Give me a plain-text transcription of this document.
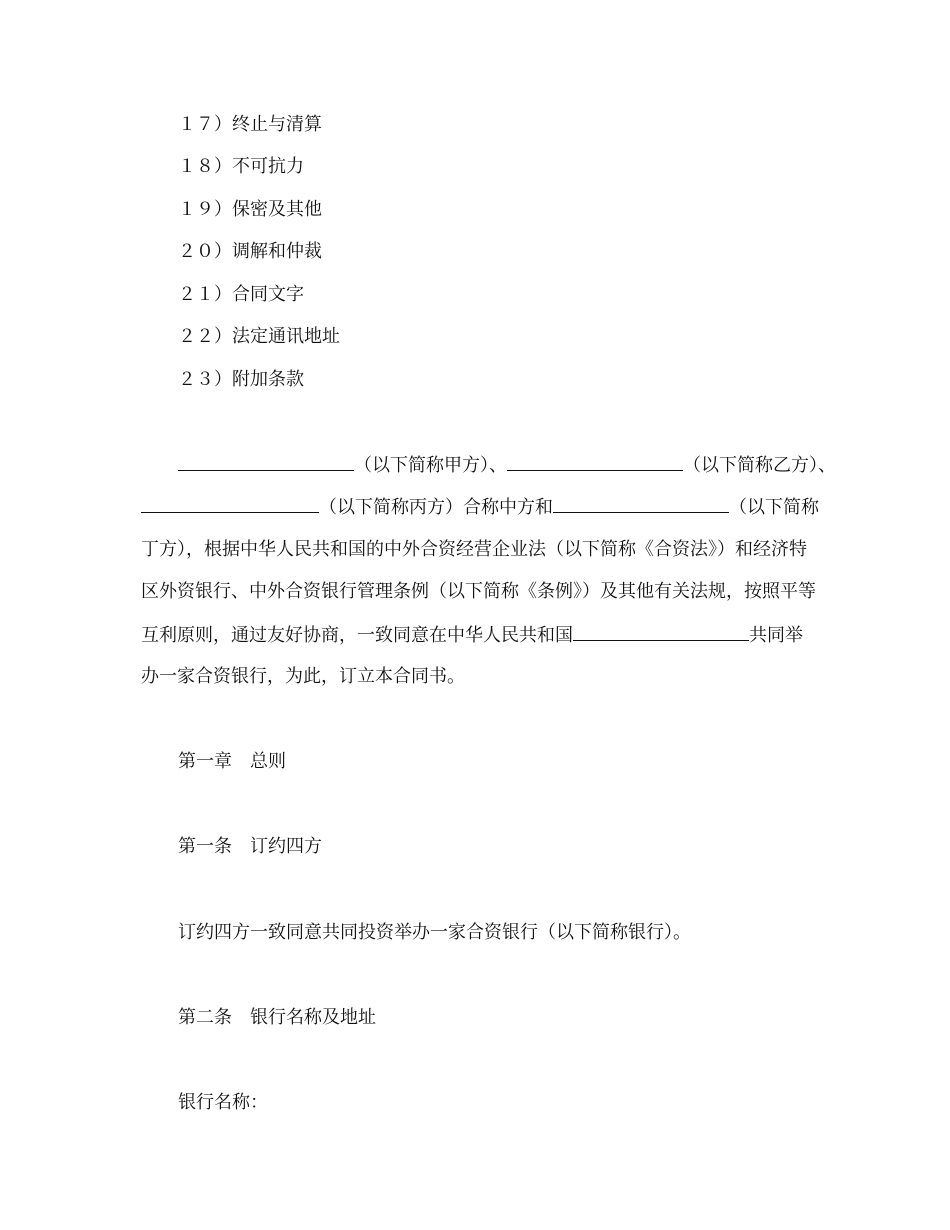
１７）终止与清算

１８）不可抗力

１９）保密及其他

２０）调解和仲裁

２１）合同文字

２２）法定通讯地址

２３）附加条款

（以下简称甲方）、	（以下简称乙方）、

（以下简称丙方）合称中方和	（以下简称

丁方），根据中华人民共和国的中外合资经营企业法（以下简称《合资法》）和经济特

区外资银行、中外合资银行管理条例（以下简称《条例》）及其他有关法规，按照平等

互利原则，通过友好协商，一致同意在中华人民共和国	共同举

办一家合资银行，为此，订立本合同书。

第一章　总则

第一条　订约四方

订约四方一致同意共同投资举办一家合资银行（以下简称银行）。

第二条　银行名称及地址

银行名称：
